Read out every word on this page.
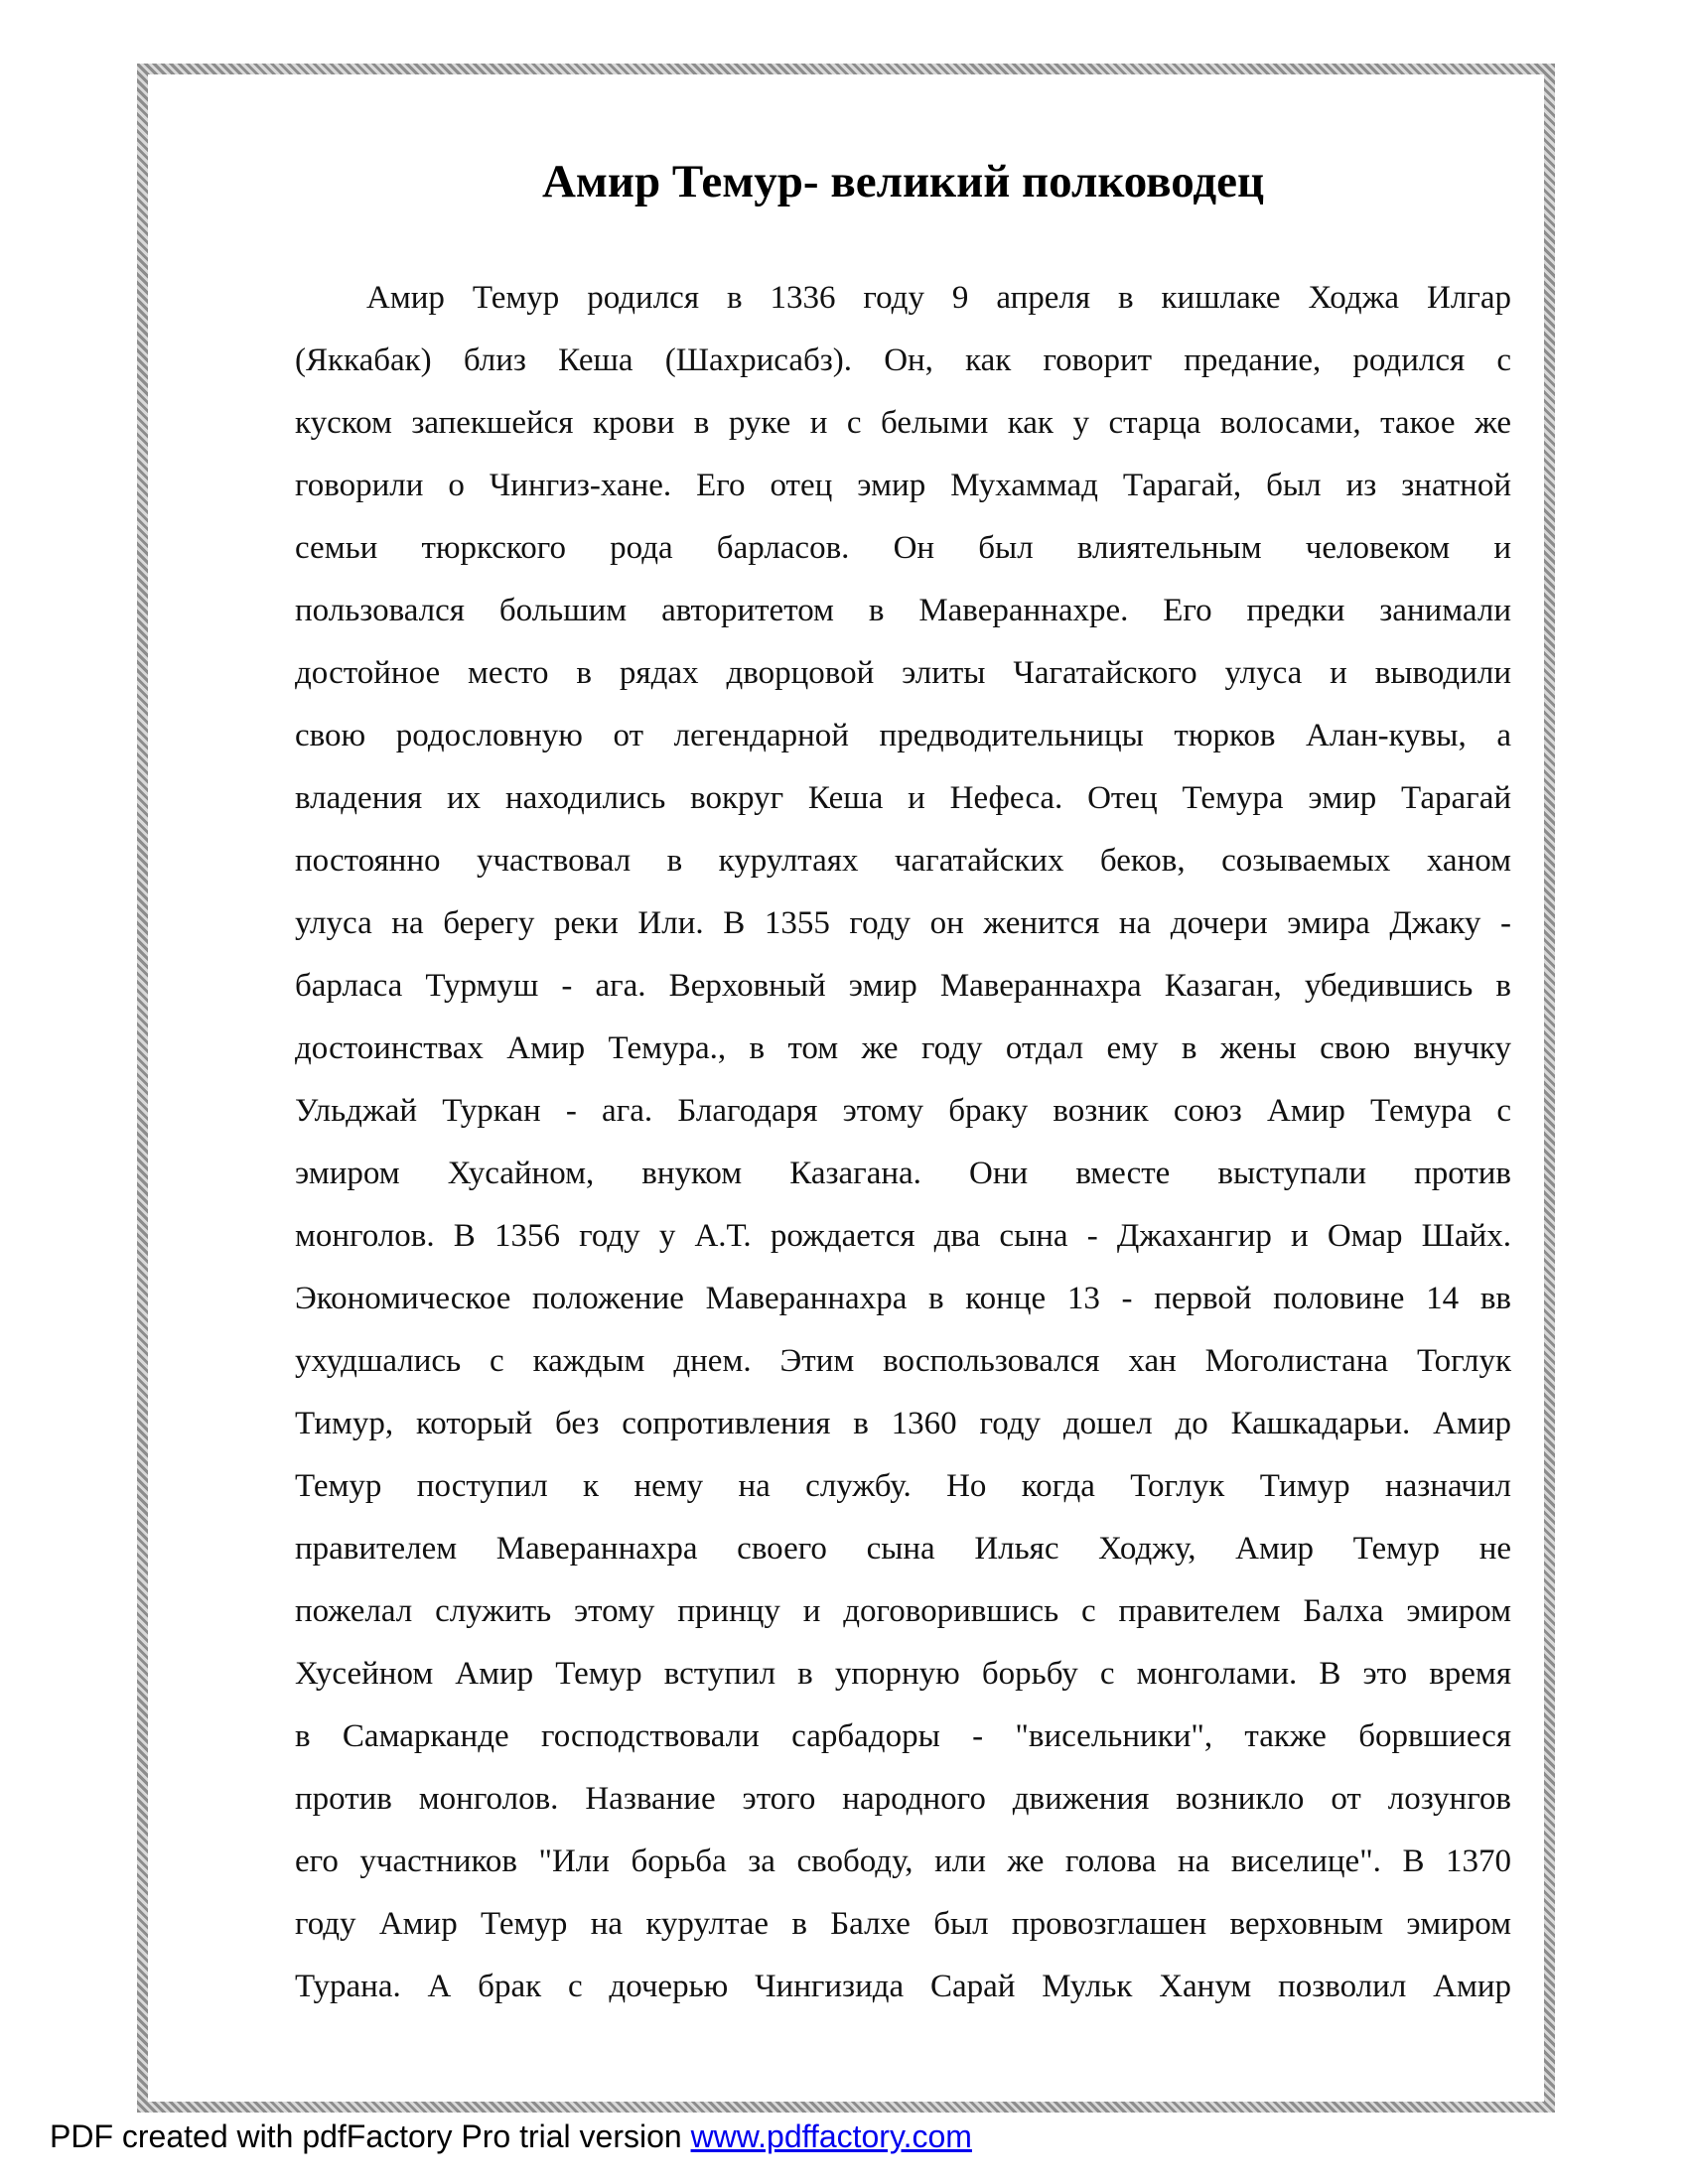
Амир Темур- великий полководец
Амир Темур родился в 1336 году 9 апреля в кишлаке Ходжа Илгар
(Яккабак) близ Кеша (Шахрисабз). Он, как говорит предание, родился с
куском запекшейся крови в руке и с белыми как у старца волосами, такое же
говорили о Чингиз-хане. Его отец эмир Мухаммад Тарагай, был из знатной
семьи тюркского рода барласов. Он был влиятельным человеком и
пользовался большим авторитетом в Мавераннахре. Его предки занимали
достойное место в рядах дворцовой элиты Чагатайского улуса и выводили
свою родословную от легендарной предводительницы тюрков Алан-кувы, а
владения их находились вокруг Кеша и Нефеса. Отец Темура эмир Тарагай
постоянно участвовал в курултаях чагатайских беков, созываемых ханом
улуса на берегу реки Или. В 1355 году он женится на дочери эмира Джаку -
барласа Турмуш - ага. Верховный эмир Мавераннахра Казаган, убедившись в
достоинствах Амир Темура., в том же году отдал ему в жены свою внучку
Ульджай Туркан - ага. Благодаря этому браку возник союз Амир Темура с
эмиром Хусайном, внуком Казагана. Они вместе выступали против
монголов. В 1356 году у А.Т. рождается два сына - Джахангир и Омар Шайх.
Экономическое положение Мавераннахра в конце 13 - первой половине 14 вв
ухудшались с каждым днем. Этим воспользовался хан Моголистана Тоглук
Тимур, который без сопротивления в 1360 году дошел до Кашкадарьи. Амир
Темур поступил к нему на службу. Но когда Тоглук Тимур назначил
правителем Мавераннахра своего сына Ильяс Ходжу, Амир Темур не
пожелал служить этому принцу и договорившись с правителем Балха эмиром
Хусейном Амир Темур вступил в упорную борьбу с монголами. В это время
в Самарканде господствовали сарбадоры - "висельники", также борвшиеся
против монголов. Название этого народного движения возникло от лозунгов
его участников "Или борьба за свободу, или же голова на виселице". В 1370
году Амир Темур на курултае в Балхе был провозглашен верховным эмиром
Турана. А брак с дочерью Чингизида Сарай Мульк Ханум позволил Амир
PDF created with pdfFactory Pro trial version www.pdffactory.com
